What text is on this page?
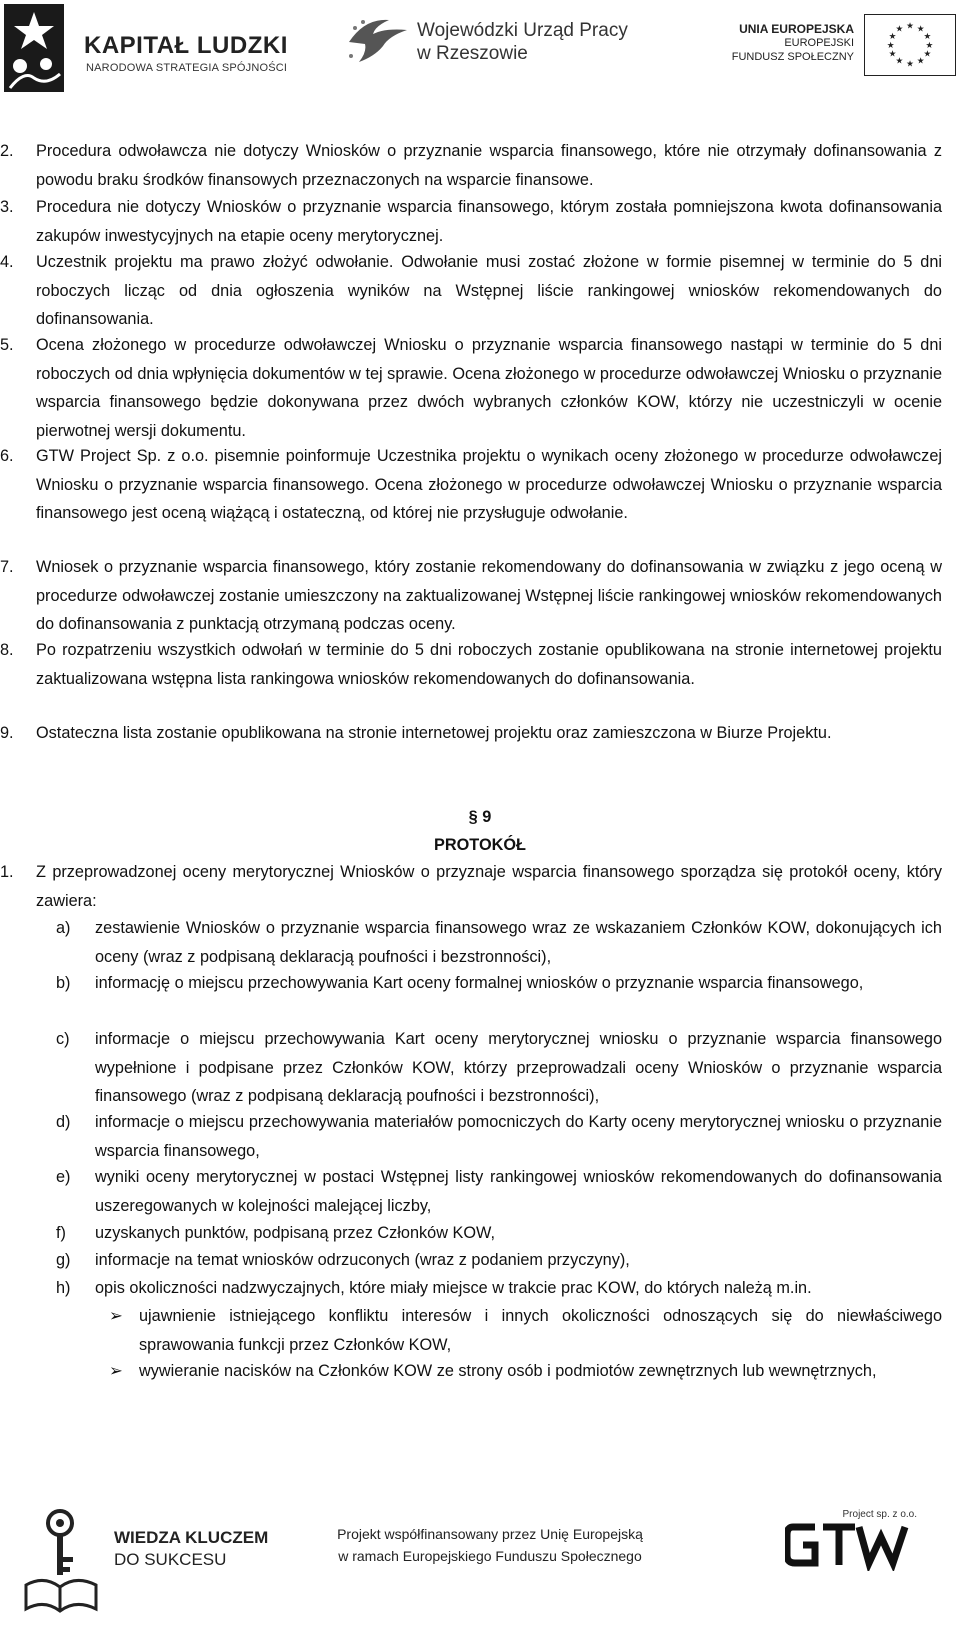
KAPITAŁ LUDZKI
NARODOWA STRATEGIA SPÓJNOŚCI
Wojewódzki Urząd Pracy
w Rzeszowie
UNIA EUROPEJSKA
EUROPEJSKI
FUNDUSZ SPOŁECZNY
★ ★
★
★
★
★
★
★
★
★
★
★
2. Procedura odwoławcza nie dotyczy Wniosków o przyznanie wsparcia finansowego, które nie otrzymały dofinansowania z powodu braku środków finansowych przeznaczonych na wsparcie finansowe.
3. Procedura nie dotyczy Wniosków o przyznanie wsparcia finansowego, którym została pomniejszona kwota dofinansowania zakupów inwestycyjnych na etapie oceny merytorycznej.
4. Uczestnik projektu ma prawo złożyć odwołanie. Odwołanie musi zostać złożone w formie pisemnej w terminie do 5 dni roboczych licząc od dnia ogłoszenia wyników na Wstępnej liście rankingowej wniosków rekomendowanych do dofinansowania.
5. Ocena złożonego w procedurze odwoławczej Wniosku o przyznanie wsparcia finansowego nastąpi w terminie do 5 dni roboczych od dnia wpłynięcia dokumentów w tej sprawie. Ocena złożonego w procedurze odwoławczej Wniosku o przyznanie wsparcia finansowego będzie dokonywana przez dwóch wybranych członków KOW, którzy nie uczestniczyli w ocenie pierwotnej wersji dokumentu.
6. GTW Project Sp. z o.o. pisemnie poinformuje Uczestnika projektu o wynikach oceny złożonego w procedurze odwoławczej Wniosku o przyznanie wsparcia finansowego. Ocena złożonego w procedurze odwoławczej Wniosku o przyznanie wsparcia finansowego jest oceną wiążącą i ostateczną, od której nie przysługuje odwołanie.
7. Wniosek o przyznanie wsparcia finansowego, który zostanie rekomendowany do dofinansowania w związku z jego oceną w procedurze odwoławczej zostanie umieszczony na zaktualizowanej Wstępnej liście rankingowej wniosków rekomendowanych do dofinansowania z punktacją otrzymaną podczas oceny.
8. Po rozpatrzeniu wszystkich odwołań w terminie do 5 dni roboczych zostanie opublikowana na stronie internetowej projektu zaktualizowana wstępna lista rankingowa wniosków rekomendowanych do dofinansowania.
9. Ostateczna lista zostanie opublikowana na stronie internetowej projektu oraz zamieszczona w Biurze Projektu.
§ 9
PROTOKÓŁ
1. Z przeprowadzonej oceny merytorycznej Wniosków o przyznaje wsparcia finansowego sporządza się protokół oceny, który zawiera:
a) zestawienie Wniosków o przyznanie wsparcia finansowego wraz ze wskazaniem Członków KOW, dokonujących ich oceny (wraz z podpisaną deklaracją poufności i bezstronności),
b) informację o miejscu przechowywania Kart oceny formalnej wniosków o przyznanie wsparcia finansowego,
c) informacje o miejscu przechowywania Kart oceny merytorycznej wniosku o przyznanie wsparcia finansowego wypełnione i podpisane przez Członków KOW, którzy przeprowadzali oceny Wniosków o przyznanie wsparcia finansowego (wraz z podpisaną deklaracją poufności i bezstronności),
d) informacje o miejscu przechowywania materiałów pomocniczych do Karty oceny merytorycznej wniosku o przyznanie wsparcia finansowego,
e) wyniki oceny merytorycznej w postaci Wstępnej listy rankingowej wniosków rekomendowanych do dofinansowania uszeregowanych w kolejności malejącej liczby,
f) uzyskanych punktów, podpisaną przez Członków KOW,
g) informacje na temat wniosków odrzuconych (wraz z podaniem przyczyny),
h) opis okoliczności nadzwyczajnych, które miały miejsce w trakcie prac KOW, do których należą m.in.
➢ ujawnienie istniejącego konfliktu interesów i innych okoliczności odnoszących się do niewłaściwego sprawowania funkcji przez Członków KOW,
➢ wywieranie nacisków na Członków KOW ze strony osób i podmiotów zewnętrznych lub wewnętrznych,
WIEDZA KLUCZEM
DO SUKCESU
Projekt współfinansowany przez Unię Europejską
w ramach Europejskiego Funduszu Społecznego
Project sp. z o.o.
